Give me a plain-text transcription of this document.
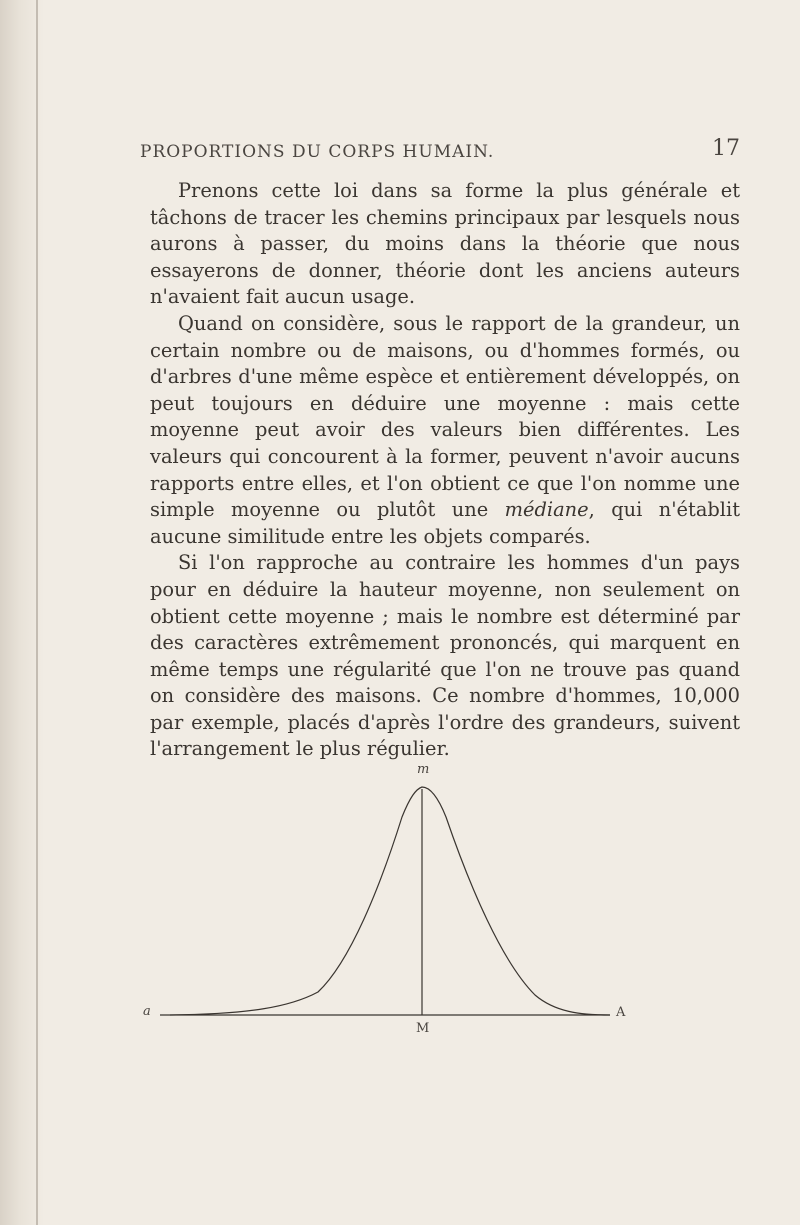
PROPORTIONS DU CORPS HUMAIN.	17

Prenons cette loi dans sa forme la plus générale et tâchons de tracer les chemins principaux par lesquels nous aurons à passer, du moins dans la théorie que nous essayerons de donner, théorie dont les anciens auteurs n'avaient fait aucun usage.

Quand on considère, sous le rapport de la grandeur, un certain nombre ou de maisons, ou d'hommes formés, ou d'arbres d'une même espèce et entièrement développés, on peut toujours en déduire une moyenne : mais cette moyenne peut avoir des valeurs bien différentes. Les valeurs qui concourent à la former, peuvent n'avoir aucuns rapports entre elles, et l'on obtient ce que l'on nomme une simple moyenne ou plutôt une médiane, qui n'établit aucune similitude entre les objets comparés.

Si l'on rapproche au contraire les hommes d'un pays pour en déduire la hauteur moyenne, non seulement on obtient cette moyenne ; mais le nombre est déterminé par des caractères extrêmement prononcés, qui marquent en même temps une régularité que l'on ne trouve pas quand on considère des maisons. Ce nombre d'hommes, 10,000 par exemple, placés d'après l'ordre des grandeurs, suivent l'arrangement le plus régulier.

m
a	A
M
